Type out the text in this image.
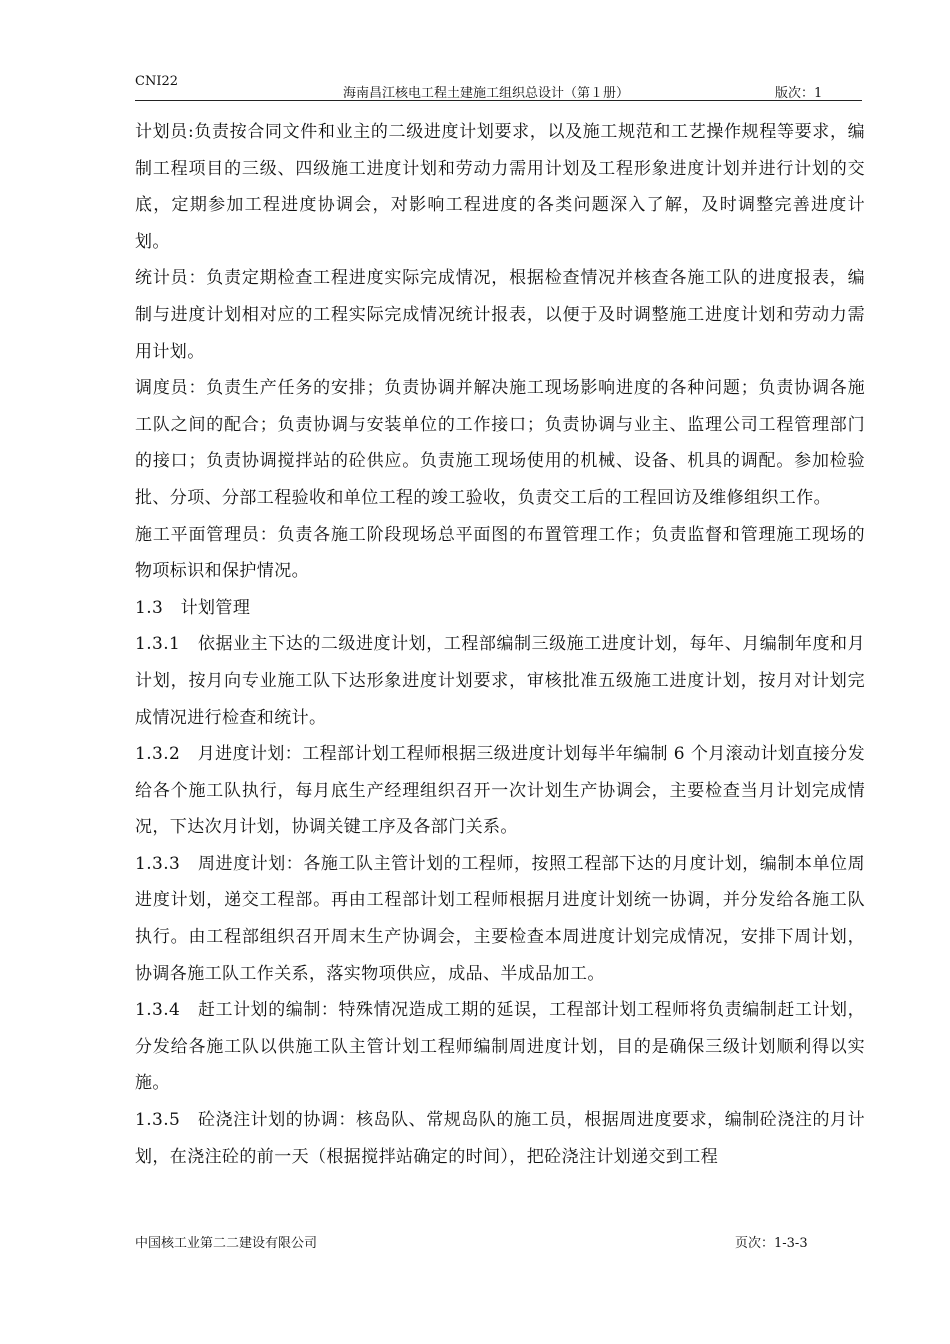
CNI22
海南昌江核电工程土建施工组织总设计（第１册）	版次：1

计划员:负责按合同文件和业主的二级进度计划要求，以及施工规范和工艺操作规程等要求，编制工程项目的三级、四级施工进度计划和劳动力需用计划及工程形象进度计划并进行计划的交底，定期参加工程进度协调会，对影响工程进度的各类问题深入了解，及时调整完善进度计划。

统计员：负责定期检查工程进度实际完成情况，根据检查情况并核查各施工队的进度报表，编制与进度计划相对应的工程实际完成情况统计报表，以便于及时调整施工进度计划和劳动力需用计划。

调度员：负责生产任务的安排；负责协调并解决施工现场影响进度的各种问题；负责协调各施工队之间的配合；负责协调与安装单位的工作接口；负责协调与业主、监理公司工程管理部门的接口；负责协调搅拌站的砼供应。负责施工现场使用的机械、设备、机具的调配。参加检验批、分项、分部工程验收和单位工程的竣工验收，负责交工后的工程回访及维修组织工作。

施工平面管理员：负责各施工阶段现场总平面图的布置管理工作；负责监督和管理施工现场的物项标识和保护情况。

1.3　计划管理

1.3.1　依据业主下达的二级进度计划，工程部编制三级施工进度计划，每年、月编制年度和月计划，按月向专业施工队下达形象进度计划要求，审核批准五级施工进度计划，按月对计划完成情况进行检查和统计。

1.3.2　月进度计划：工程部计划工程师根据三级进度计划每半年编制 6 个月滚动计划直接分发给各个施工队执行，每月底生产经理组织召开一次计划生产协调会，主要检查当月计划完成情况，下达次月计划，协调关键工序及各部门关系。

1.3.3　周进度计划：各施工队主管计划的工程师，按照工程部下达的月度计划，编制本单位周进度计划，递交工程部。再由工程部计划工程师根据月进度计划统一协调，并分发给各施工队执行。由工程部组织召开周末生产协调会，主要检查本周进度计划完成情况，安排下周计划，协调各施工队工作关系，落实物项供应，成品、半成品加工。

1.3.4　赶工计划的编制：特殊情况造成工期的延误，工程部计划工程师将负责编制赶工计划，分发给各施工队以供施工队主管计划工程师编制周进度计划，目的是确保三级计划顺利得以实施。

1.3.5　砼浇注计划的协调：核岛队、常规岛队的施工员，根据周进度要求，编制砼浇注的月计划，在浇注砼的前一天（根据搅拌站确定的时间），把砼浇注计划递交到工程

中国核工业第二二建设有限公司	页次：1-3-3
